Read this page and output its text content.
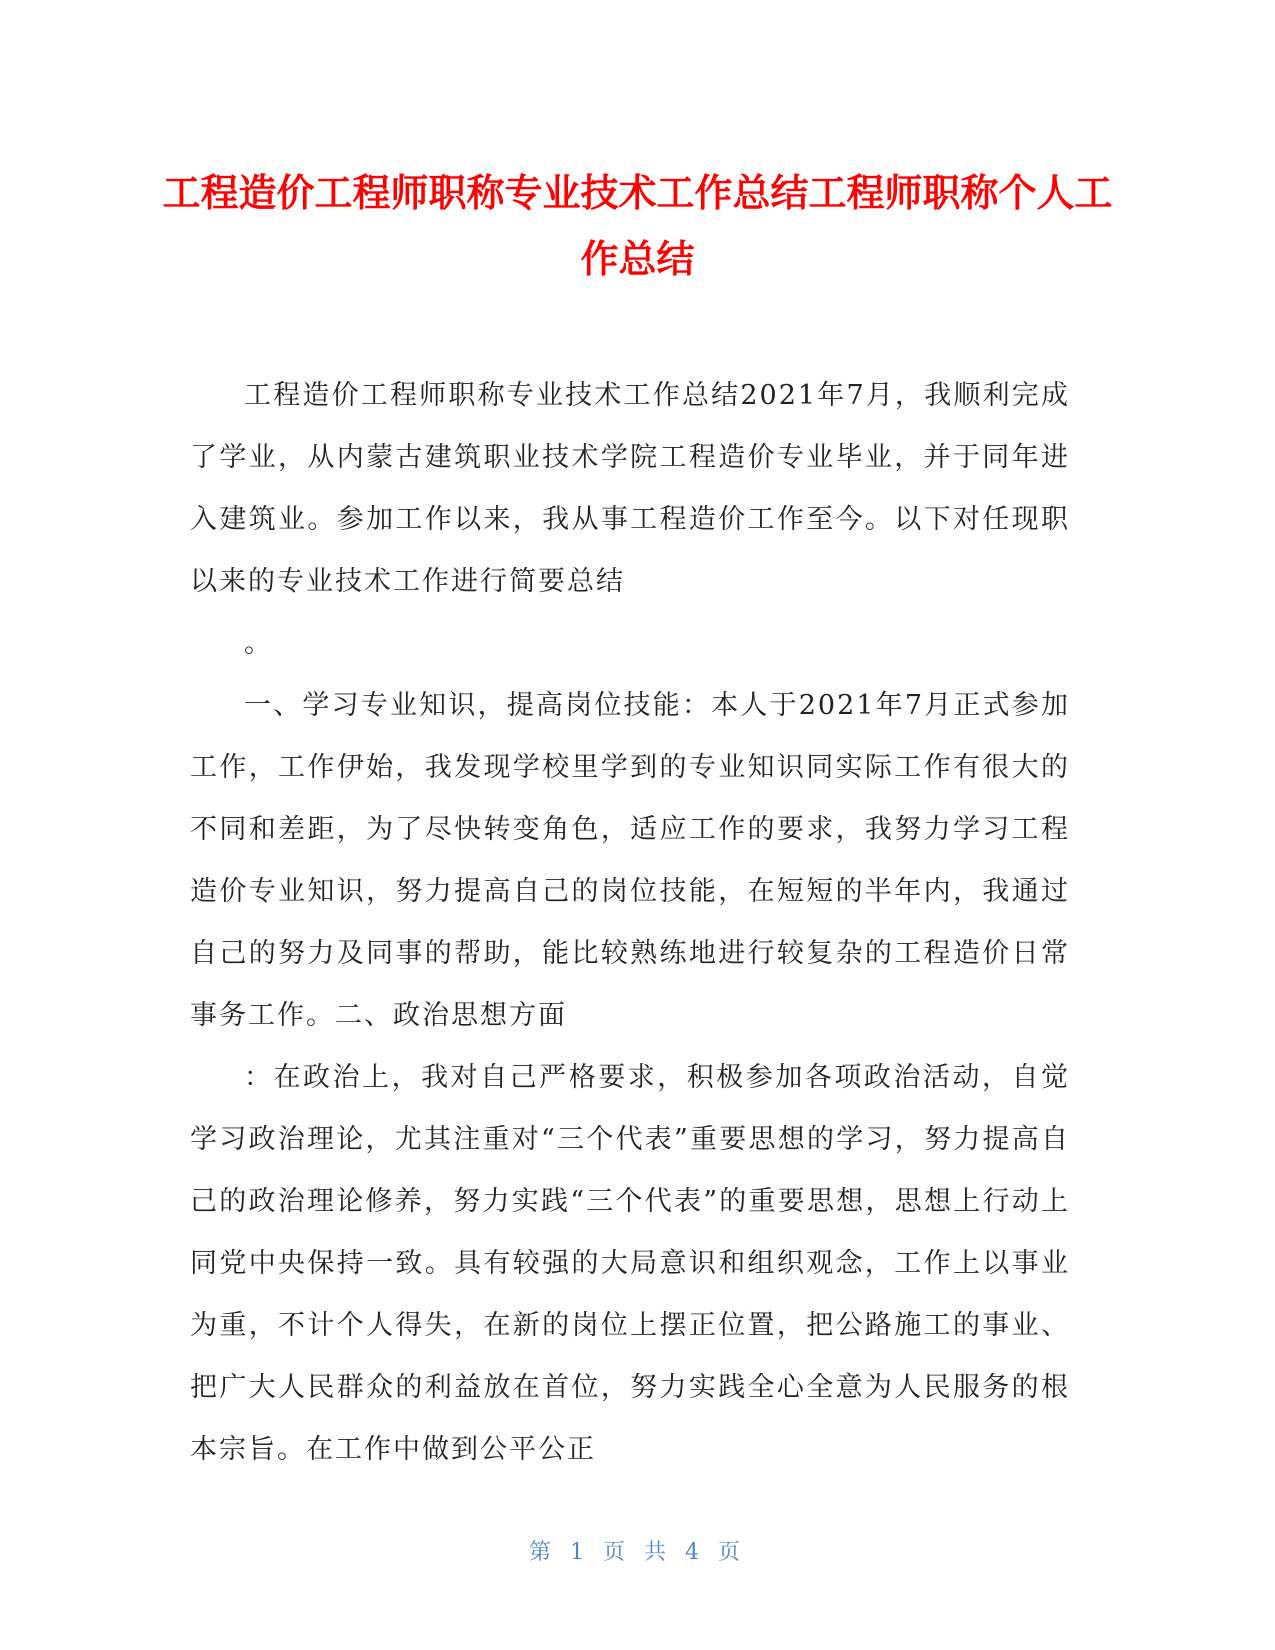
工程造价工程师职称专业技术工作总结工程师职称个人工作总结

工程造价工程师职称专业技术工作总结2021年7月，我顺利完成了学业，从内蒙古建筑职业技术学院工程造价专业毕业，并于同年进入建筑业。参加工作以来，我从事工程造价工作至今。以下对任现职以来的专业技术工作进行简要总结

。

一、学习专业知识，提高岗位技能：本人于2021年7月正式参加工作，工作伊始，我发现学校里学到的专业知识同实际工作有很大的不同和差距，为了尽快转变角色，适应工作的要求，我努力学习工程造价专业知识，努力提高自己的岗位技能，在短短的半年内，我通过自己的努力及同事的帮助，能比较熟练地进行较复杂的工程造价日常事务工作。二、政治思想方面

：在政治上，我对自己严格要求，积极参加各项政治活动，自觉学习政治理论，尤其注重对“三个代表”重要思想的学习，努力提高自己的政治理论修养，努力实践“三个代表”的重要思想，思想上行动上同党中央保持一致。具有较强的大局意识和组织观念，工作上以事业为重，不计个人得失，在新的岗位上摆正位置，把公路施工的事业、把广大人民群众的利益放在首位，努力实践全心全意为人民服务的根本宗旨。在工作中做到公平公正

第 1 页 共 4 页
